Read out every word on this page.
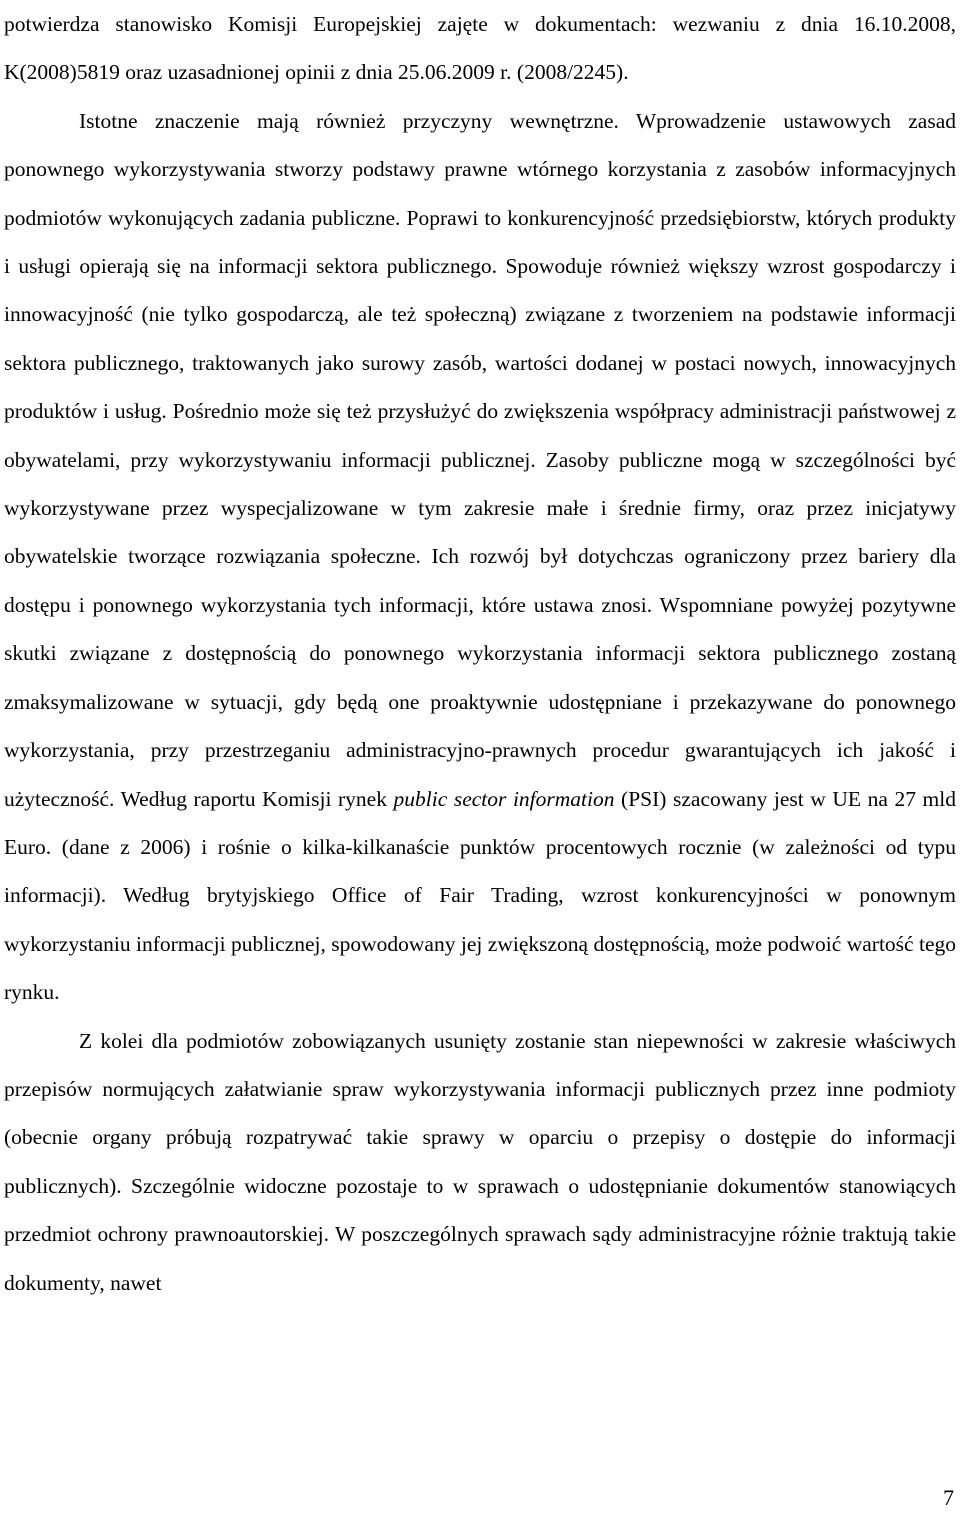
potwierdza stanowisko Komisji Europejskiej zajęte w dokumentach: wezwaniu z dnia 16.10.2008, K(2008)5819 oraz uzasadnionej opinii z dnia 25.06.2009 r. (2008/2245).

Istotne znaczenie mają również przyczyny wewnętrzne. Wprowadzenie ustawowych zasad ponownego wykorzystywania stworzy podstawy prawne wtórnego korzystania z zasobów informacyjnych podmiotów wykonujących zadania publiczne. Poprawi to konkurencyjność przedsiębiorstw, których produkty i usługi opierają się na informacji sektora publicznego. Spowoduje również większy wzrost gospodarczy i innowacyjność (nie tylko gospodarczą, ale też społeczną) związane z tworzeniem na podstawie informacji sektora publicznego, traktowanych jako surowy zasób, wartości dodanej w postaci nowych, innowacyjnych produktów i usług. Pośrednio może się też przysłużyć do zwiększenia współpracy administracji państwowej z obywatelami, przy wykorzystywaniu informacji publicznej. Zasoby publiczne mogą w szczególności być wykorzystywane przez wyspecjalizowane w tym zakresie małe i średnie firmy, oraz przez inicjatywy obywatelskie tworzące rozwiązania społeczne. Ich rozwój był dotychczas ograniczony przez bariery dla dostępu i ponownego wykorzystania tych informacji, które ustawa znosi. Wspomniane powyżej pozytywne skutki związane z dostępnością do ponownego wykorzystania informacji sektora publicznego zostaną zmaksymalizowane w sytuacji, gdy będą one proaktywnie udostępniane i przekazywane do ponownego wykorzystania, przy przestrzeganiu administracyjno-prawnych procedur gwarantujących ich jakość i użyteczność. Według raportu Komisji rynek public sector information (PSI) szacowany jest w UE na 27 mld Euro. (dane z 2006) i rośnie o kilka-kilkanaście punktów procentowych rocznie (w zależności od typu informacji). Według brytyjskiego Office of Fair Trading, wzrost konkurencyjności w ponownym wykorzystaniu informacji publicznej, spowodowany jej zwiększoną dostępnością, może podwoić wartość tego rynku.

Z kolei dla podmiotów zobowiązanych usunięty zostanie stan niepewności w zakresie właściwych przepisów normujących załatwianie spraw wykorzystywania informacji publicznych przez inne podmioty (obecnie organy próbują rozpatrywać takie sprawy w oparciu o przepisy o dostępie do informacji publicznych). Szczególnie widoczne pozostaje to w sprawach o udostępnianie dokumentów stanowiących przedmiot ochrony prawnoautorskiej. W poszczególnych sprawach sądy administracyjne różnie traktują takie dokumenty, nawet

7
